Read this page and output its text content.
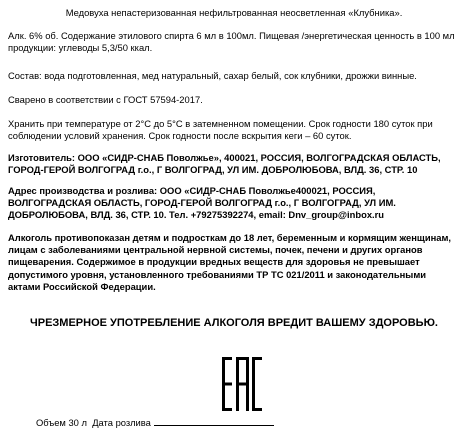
Медовуха непастеризованная нефильтрованная неосветленная «Клубника».
Алк. 6% об. Содержание этилового спирта 6 мл в 100мл. Пищевая /энергетическая ценность в 100 мл продукции: углеводы 5,3/50 ккал.
Состав: вода подготовленная, мед натуральный, сахар белый, сок клубники, дрожжи винные.
Сварено в соответствии с ГОСТ 57594-2017.
Хранить при температуре от 2°С до 5°С в затемненном помещении. Срок годности 180 суток при соблюдении условий хранения. Срок годности после вскрытия кеги – 60 суток.
Изготовитель: ООО «СИДР-СНАБ Поволжье», 400021, РОССИЯ, ВОЛГОГРАДСКАЯ ОБЛАСТЬ, ГОРОД-ГЕРОЙ ВОЛГОГРАД г.о., Г ВОЛГОГРАД, УЛ ИМ. ДОБРОЛЮБОВА, ВЛД. 36, СТР. 10
Адрес производства и розлива: ООО «СИДР-СНАБ Поволжье400021, РОССИЯ, ВОЛГОГРАДСКАЯ ОБЛАСТЬ, ГОРОД-ГЕРОЙ ВОЛГОГРАД г.о., Г ВОЛГОГРАД, УЛ ИМ. ДОБРОЛЮБОВА, ВЛД. 36, СТР. 10. Тел. +79275392274, email: Dnv_group@inbox.ru
Алкоголь противопоказан детям и подросткам до 18 лет, беременным и кормящим женщинам, лицам с заболеваниями центральной нервной системы, почек, печени и других органов пищеварения. Содержимое в продукции вредных веществ для здоровья не превышает допустимого уровня, установленного требованиями ТР ТС 021/2011 и законодательными актами Российской Федерации.
ЧРЕЗМЕРНОЕ УПОТРЕБЛЕНИЕ АЛКОГОЛЯ ВРЕДИТ ВАШЕМУ ЗДОРОВЬЮ.
Объем 30 л Дата розлива
